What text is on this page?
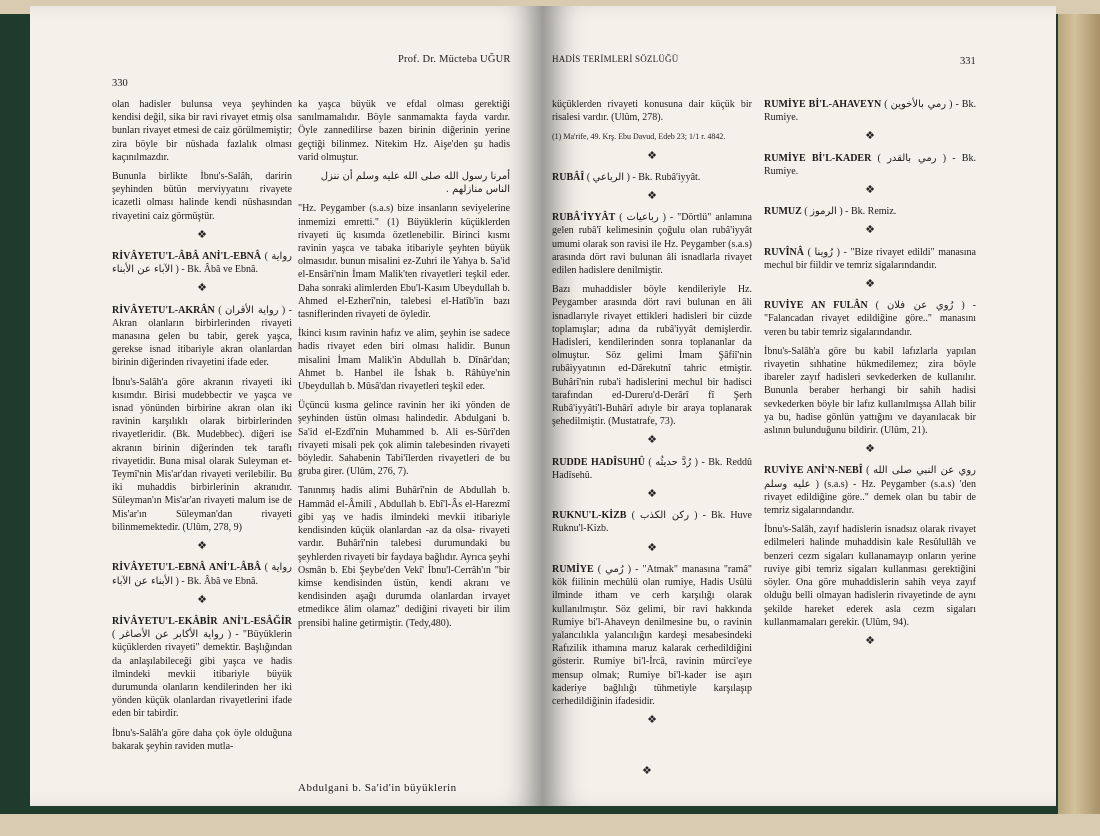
330
Prof. Dr. Mücteba UĞUR

olan hadisler bulunsa veya şeyhinden kendisi değil, sika bir ravi rivayet etmiş olsa bunları rivayet etmesi de caiz görülmemiştir; zira böyle bir nüshada fazlalık olması kaçınılmazdır.

Bununla birlikte İbnu's-Salâh, daririn şeyhinden bütün merviyyatını rivayete icazetli olması halinde kendi nüshasından rivayetini caiz görmüştür.

❖

RİVÂYETU'L-ÂBÂ ANİ'L-EBNÂ ( رواية الآباء عن الأبناء ) - Bk. Âbâ ve Ebnâ.

❖

RİVÂYETU'L-AKRÂN ( رواية الأقران ) - Akran olanların birbirlerinden rivayeti manasına gelen bu tabir, gerek yaşca, gerekse isnad itibariyle akran olanlardan birinin diğerinden rivayetini ifade eder.

İbnu's-Salâh'a göre akranın rivayeti iki kısımdır. Birisi mudebbectir ve yaşca ve isnad yönünden birbirine akran olan iki ravinin karşılıklı olarak birbirlerinden rivayetleridir. (Bk. Mudebbec). diğeri ise akranın birinin diğerinden tek taraflı rivayetidir. Buna misal olarak Suleyman et-Teymî'nin Mis'ar'dan rivayeti verilebilir. Bu iki muhaddis birbirlerinin akranıdır. Süleyman'ın Mis'ar'an rivayeti malum ise de Mis'ar'ın Süleyman'dan rivayeti bilinmemektedir. (Ulûm, 278, 9)

❖

RİVÂYETU'L-EBNÂ ANİ'L-ÂBÂ ( رواية الأبناء عن الآباء ) - Bk. Âbâ ve Ebnâ.

❖

RİVÂYETU'L-EKÂBİR ANİ'L-ESÂĞİR ( رواية الأكابر عن الأصاغر ) - "Büyüklerin küçüklerden rivayeti" demektir. Başlığından da anlaşılabileceği gibi yaşca ve hadis ilmindeki mevkii itibariyle büyük durumunda olanların kendilerinden her iki yönden küçük olanlardan rivayetlerini ifade eden bir tabirdir.

İbnu's-Salâh'a göre daha çok öyle olduğuna bakarak şeyhin raviden mutla-

ka yaşca büyük ve efdal olması gerektiği sanılmamalıdır. Böyle sanmamakta fayda vardır. Öyle zannedilirse bazen birinin diğerinin yerine geçtiği bilinmez. Nitekim Hz. Aişe'den şu hadis varid olmuştur.

أمرنا رسول الله صلى الله عليه وسلم أن ننزل الناس منازلهم .

"Hz. Peygamber (s.a.s) bize insanların seviyelerine inmemizi emretti." (1) Büyüklerin küçüklerden rivayeti üç kısımda özetlenebilir. Birinci kısmı ravinin yaşca ve tabaka itibariyle şeyhten büyük olmasıdır. bunun misalini ez-Zuhri ile Yahya b. Sa'id el-Ensâri'nin İmam Malik'ten rivayetleri teşkil eder. Daha sonraki alimlerden Ebu'l-Kasım Ubeydullah b. Ahmed el-Ezherî'nin, talebesi el-Hatîb'in bazı tasniflerinden rivayeti de öyledir.

İkinci kısım ravinin hafız ve alim, şeyhin ise sadece hadis rivayet eden biri olması halidir. Bunun misalini İmam Malik'in Abdullah b. Dînâr'dan; Ahmet b. Hanbel ile İshak b. Râhûye'nin Ubeydullah b. Mûsâ'dan rivayetleri teşkil eder.

Üçüncü kısma gelince ravinin her iki yönden de şeyhinden üstün olması halindedir. Abdulgani b. Sa'id el-Ezdî'nin Muhammed b. Ali es-Sûrî'den rivayeti misali pek çok alimin talebesinden rivayeti böyledir. Sahabenin Tabi'îlerden rivayetleri de bu gruba girer. (Ulûm, 276, 7).

Tanınmış hadis alimi Buhârî'nin de Abdullah b. Hammâd el-Âmilî , Abdullah b. Ebî'l-Âs el-Harezmî gibi yaş ve hadis ilmindeki mevkii itibariyle kendisinden küçük olanlardan -az da olsa- rivayeti vardır. Buhârî'nin talebesi durumundaki bu şeyhlerden rivayeti bir faydaya bağlıdır. Ayrıca şeyhi Osmân b. Ebi Şeybe'den Vekî' İbnu'l-Cerrâh'ın "bir kimse kendisinden üstün, kendi akranı ve kendisinden aşağı durumda olanlardan irvayet etmedikce âlim olamaz" dediğini rivayeti bir ilim prensibi haline getirmiştir. (Tedy,480).

Abdulgani b. Sa'id'in büyüklerin
HADİS TERİMLERİ SÖZLÜĞÜ	331

küçüklerden rivayeti konusuna dair küçük bir risalesi vardır. (Ulûm, 278).

(1) Ma'rife, 49. Krş. Ebu Davud, Edeb 23; 1/1 r. 4842.

❖

RUBÂÎ ( الرباعي ) - Bk. Rubâ'iyyât.

❖

RUBÂ'İYYÂT ( رباعيات ) - "Dörtlü" anlamına gelen rubâ'î kelimesinin çoğulu olan rubâ'iyyât umumi olarak son ravisi ile Hz. Peygamber (s.a.s) arasında dört ravi bulunan âli isnadlarla rivayet edilen hadislere denilmiştir.

Bazı muhaddisler böyle kendileriyle Hz. Peygamber arasında dört ravi bulunan en âli isnadlarıyle rivayet ettikleri hadisleri bir cüzde toplamışlar; adına da rubâ'iyyât demişlerdir. Hadisleri, kendilerinden sonra toplananlar da olmuştur. Söz gelimi İmam Şâfiî'nin rubâiyyatının ed-Dârekutnî tahric etmiştir. Buhârî'nin ruba'i hadislerini mechul bir hadisci tarafından ed-Dureru'd-Derârî fî Şerh Rubâ'iyyâti'l-Buhârî adıyle bir araya toplanarak şehedilmiştir. (Mustatrafe, 73).

❖

RUDDE HADÎSUHÛ ( رُدَّ حديثُه ) - Bk. Reddû Hadîsehû.

❖

RUKNU'L-KİZB ( ركن الكذب ) - Bk. Huve Ruknu'l-Kizb.

❖

RUMİYE ( رُمي ) - "Atmak" manasına "ramâ" kök fiilinin mechûlü olan rumiye, Hadis Usûlü ilminde itham ve cerh karşılığı olarak kullanılmıştır. Söz gelimi, bir ravi hakkında Rumiye bi'l-Ahaveyn denilmesine bu, o ravinin yalancılıkla yalancılığın kardeşi mesabesindeki Rafızilik ithamına maruz kalarak cerhedildiğini gösterir. Rumiye bi'l-İrcâ, ravinin mürci'eye mensup olmak; Rumiye bi'l-kader ise aşırı kaderiye bağlılığı tühmetiyle karşılaşıp cerhedildiğinin ifadesidir.

❖

RUMİYE Bİ'L-AHAVEYN ( رمي بالأخوين ) - Bk. Rumiye.

❖

RUMİYE Bİ'L-KADER ( رمي بالقدر ) - Bk. Rumiye.

❖

RUMUZ ( الرموز ) - Bk. Remiz.

❖

RUVÎNÂ ( رُوينا ) - "Bize rivayet edildi" manasına mechul bir fiildir ve temriz sigalarındandır.

❖

RUVİYE AN FULÂN ( رُوي عن فلان ) - "Falancadan rivayet edildiğine göre.." manasını veren bu tabir temriz sigalarındandır.

İbnu's-Salâh'a göre bu kabil lafızlarla yapılan rivayetin sıhhatine hükmedilemez; zira böyle ibareler zayıf hadisleri sevkederken de kullanılır. Bununla beraber herhangi bir sahih hadisi sevkederken böyle bir lafız kullanılmışsa Allah bilir ya bu, hadise gönlün yattığını ve dayanılacak bir aslının bulunduğunu bildirir. (Ulûm, 21).

❖

RUVİYE ANİ'N-NEBÎ ( روي عن النبي صلى الله عليه وسلم ) (s.a.s) - Hz. Peygamber (s.a.s) 'den rivayet edildiğine göre.." demek olan bu tabir de temriz sigalarındandır.

İbnu's-Salâh, zayıf hadislerin isnadsız olarak rivayet edilmeleri halinde muhaddisin kale Resûlullâh ve benzeri cezm sigaları kullanamayıp onların yerine ruviye gibi temriz sigaları kullanması gerektiğini söyler. Ona göre muhaddislerin sahih veya zayıf olduğu belli olmayan hadislerin rivayetinde de aynı şekilde hareket ederek asla cezm sigaları kullanmamaları gerekir. (Ulûm, 94).

❖
❖
